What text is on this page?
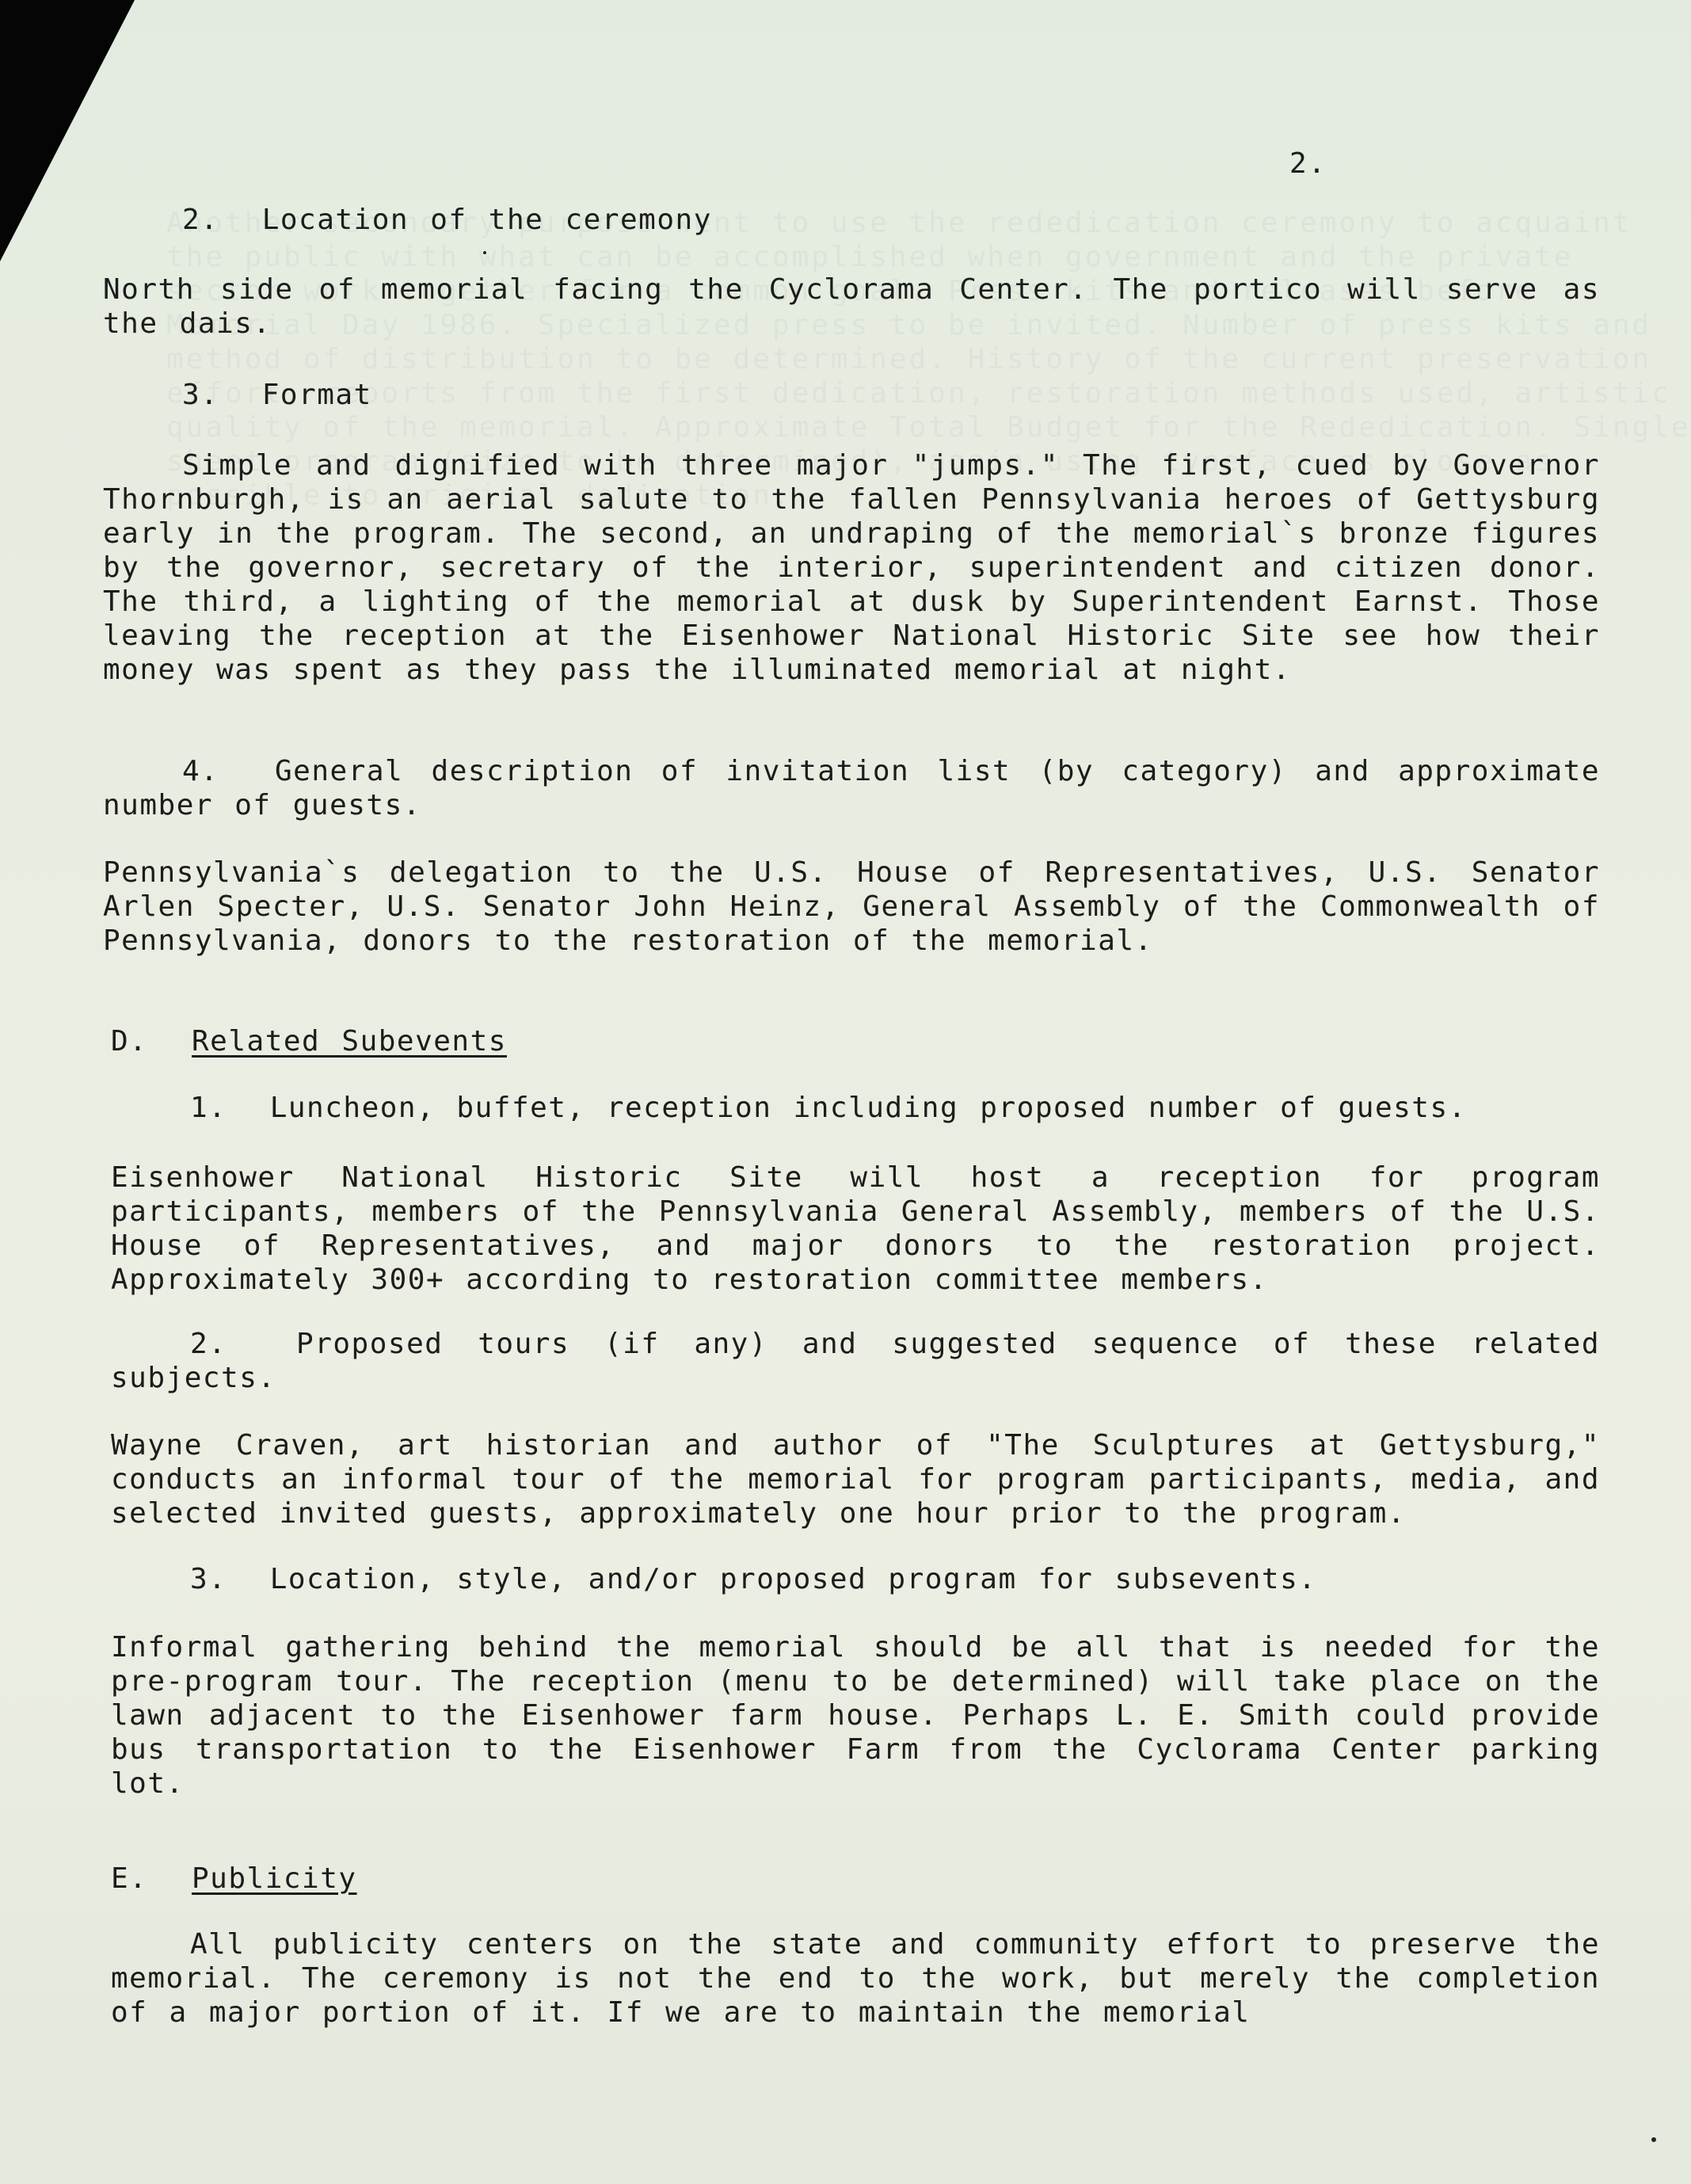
2.
2.  Location of the ceremony
North side of memorial facing the Cyclorama Center. The portico will serve as the dais.
3.  Format
Simple and dignified with three major "jumps." The first, cued by Governor Thornburgh, is an aerial salute to the fallen Pennsylvania heroes of Gettysburg early in the program. The second, an undraping of the memorial`s bronze figures by the governor, secretary of the interior, superintendent and citizen donor. The third, a lighting of the memorial at dusk by Superintendent Earnst. Those leaving the reception at the Eisenhower National Historic Site see how their money was spent as they pass the illuminated memorial at night.
4.  General description of invitation list (by category) and approximate number of guests.
Pennsylvania`s delegation to the U.S. House of Representatives, U.S. Senator Arlen Specter, U.S. Senator John Heinz, General Assembly of the Commonwealth of Pennsylvania, donors to the restoration of the memorial.
D. Related Subevents
1.  Luncheon, buffet, reception including proposed number of guests.
Eisenhower National Historic Site will host a reception for program participants, members of the Pennsylvania General Assembly, members of the U.S. House of Representatives, and major donors to the restoration project. Approximately 300+ according to restoration committee members.
2.  Proposed tours (if any) and suggested sequence of these related subjects.
Wayne Craven, art historian and author of "The Sculptures at Gettysburg," conducts an informal tour of the memorial for program participants, media, and selected invited guests, approximately one hour prior to the program.
3.  Location, style, and/or proposed program for subsevents.
Informal gathering behind the memorial should be all that is needed for the pre-program tour. The reception (menu to be determined) will take place on the lawn adjacent to the Eisenhower farm house. Perhaps L. E. Smith could provide bus transportation to the Eisenhower Farm from the Cyclorama Center parking lot.
E. Publicity
All publicity centers on the state and community effort to preserve the memorial. The ceremony is not the end to the work, but merely the completion of a major portion of it. If we are to maintain the memorial
